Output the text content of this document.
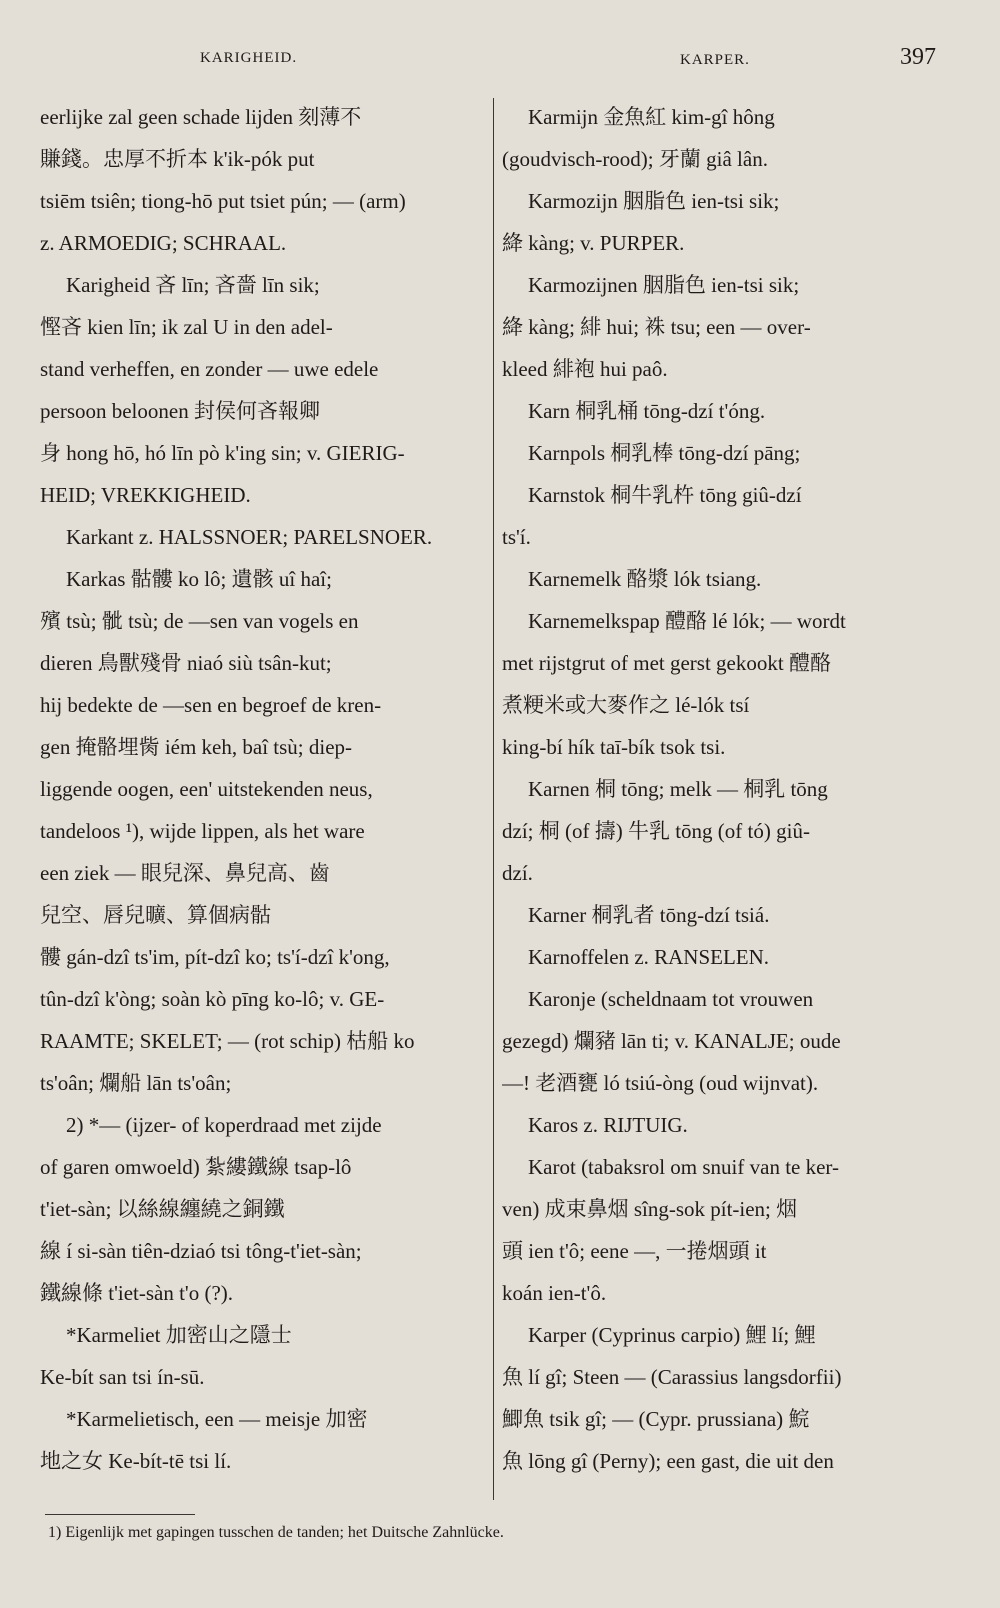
KARIGHEID.	KARPER.	397
eerlijke zal geen schade lijden 刻薄不
賺錢。忠厚不折本 k'ik-pók put
tsiēm tsiên; tiong-hō put tsiet pún; — (arm)
z. ARMOEDIG; SCHRAAL.
Karigheid 吝 līn; 吝嗇 līn sik;
慳吝 kien līn; ik zal U in den adel-
stand verheffen, en zonder — uwe edele
persoon beloonen 封侯何吝報卿
身 hong hō, hó līn pò k'ing sin; v. GIERIG-
HEID; VREKKIGHEID.
Karkant z. HALSSNOER; PARELSNOER.
Karkas 骷髏 ko lô; 遺骸 uî haî;
殯 tsù; 骴 tsù; de —sen van vogels en
dieren 鳥獸殘骨 niaó siù tsân-kut;
hij bedekte de —sen en begroef de kren-
gen 掩骼埋胔 iém keh, baî tsù; diep-
liggende oogen, een' uitstekenden neus,
tandeloos ¹), wijde lippen, als het ware
een ziek — 眼兒深、鼻兒高、齒
兒空、唇兒曠、算個病骷
髏 gán-dzî ts'im, pít-dzî ko; ts'í-dzî k'ong,
tûn-dzî k'òng; soàn kò pīng ko-lô; v. GE-
RAAMTE; SKELET; — (rot schip) 枯船 ko
ts'oân; 爛船 lān ts'oân;
2) *— (ijzer- of koperdraad met zijde
of garen omwoeld) 紮縷鐵線 tsap-lô
t'iet-sàn; 以絲線纏繞之銅鐵
線 í si-sàn tiên-dziaó tsi tông-t'iet-sàn;
鐵線條 t'iet-sàn t'o (?).
*Karmeliet 加密山之隱士
Ke-bít san tsi ín-sū.
*Karmelietisch, een — meisje 加密
地之女 Ke-bít-tē tsi lí.
Karmijn 金魚紅 kim-gî hông
(goudvisch-rood); 牙蘭 giâ lân.
Karmozijn 胭脂色 ien-tsi sik;
絳 kàng; v. PURPER.
Karmozijnen 胭脂色 ien-tsi sik;
絳 kàng; 緋 hui; 袾 tsu; een — over-
kleed 緋袍 hui paô.
Karn 桐乳桶 tōng-dzí t'óng.
Karnpols 桐乳棒 tōng-dzí pāng;
Karnstok 桐牛乳杵 tōng giû-dzí
ts'í.
Karnemelk 酪漿 lók tsiang.
Karnemelkspap 醴酪 lé lók; — wordt
met rijstgrut of met gerst gekookt 醴酪
煮粳米或大麥作之 lé-lók tsí
king-bí hík taī-bík tsok tsi.
Karnen 桐 tōng; melk — 桐乳 tōng
dzí; 桐 (of 擣) 牛乳 tōng (of tó) giû-
dzí.
Karner 桐乳者 tōng-dzí tsiá.
Karnoffelen z. RANSELEN.
Karonje (scheldnaam tot vrouwen
gezegd) 爛豬 lān ti; v. KANALJE; oude
—! 老酒甕 ló tsiú-òng (oud wijnvat).
Karos z. RIJTUIG.
Karot (tabaksrol om snuif van te ker-
ven) 成束鼻烟 sîng-sok pít-ien; 烟
頭 ien t'ô; eene —, 一捲烟頭 it
koán ien-t'ô.
Karper (Cyprinus carpio) 鯉 lí; 鯉
魚 lí gî; Steen — (Carassius langsdorfii)
鯽魚 tsik gî; — (Cypr. prussiana) 鯇
魚 lōng gî (Perny); een gast, die uit den
1) Eigenlijk met gapingen tusschen de tanden; het Duitsche Zahnlücke.
